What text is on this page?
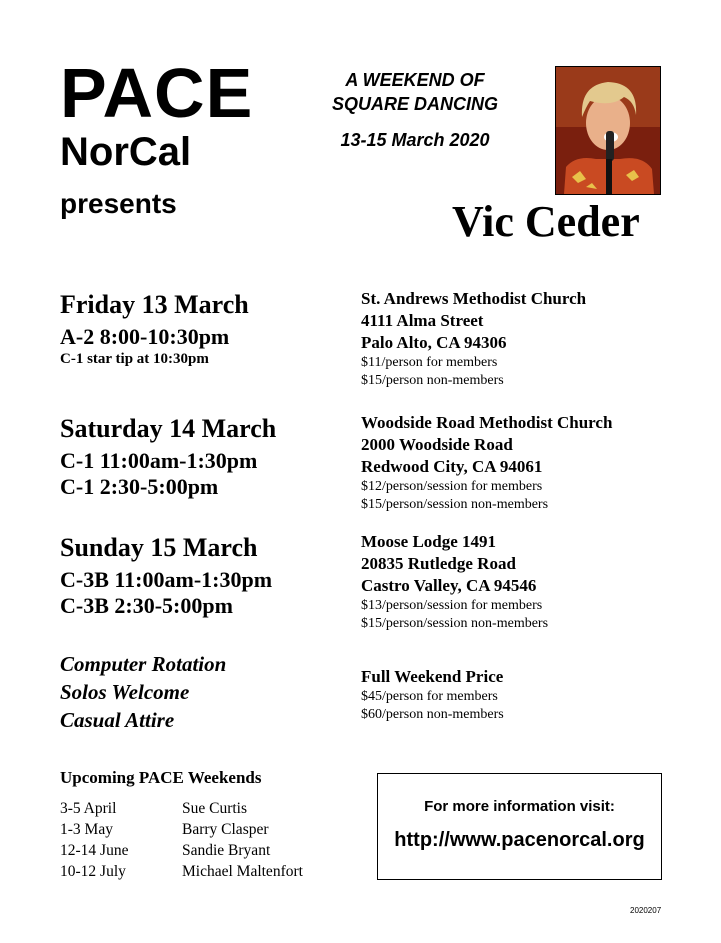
PACE
NorCal
presents
A WEEKEND OF
SQUARE DANCING
13-15 March 2020
Vic Ceder
Friday 13 March
A-2 8:00-10:30pm
C-1 star tip at 10:30pm
St. Andrews Methodist Church
4111 Alma Street
Palo Alto, CA 94306
$11/person for members
$15/person non-members
Saturday 14 March
C-1 11:00am-1:30pm
C-1 2:30-5:00pm
Woodside Road Methodist Church
2000 Woodside Road
Redwood City, CA 94061
$12/person/session for members
$15/person/session non-members
Sunday 15 March
C-3B 11:00am-1:30pm
C-3B 2:30-5:00pm
Moose Lodge 1491
20835 Rutledge Road
Castro Valley, CA 94546
$13/person/session for members
$15/person/session non-members
Computer Rotation
Solos Welcome
Casual Attire
Full Weekend Price
$45/person for members
$60/person non-members
Upcoming PACE Weekends
3-5 April	Sue Curtis
1-3 May	Barry Clasper
12-14 June	Sandie Bryant
10-12 July	Michael Maltenfort
For more information visit:
http://www.pacenorcal.org
2020207
